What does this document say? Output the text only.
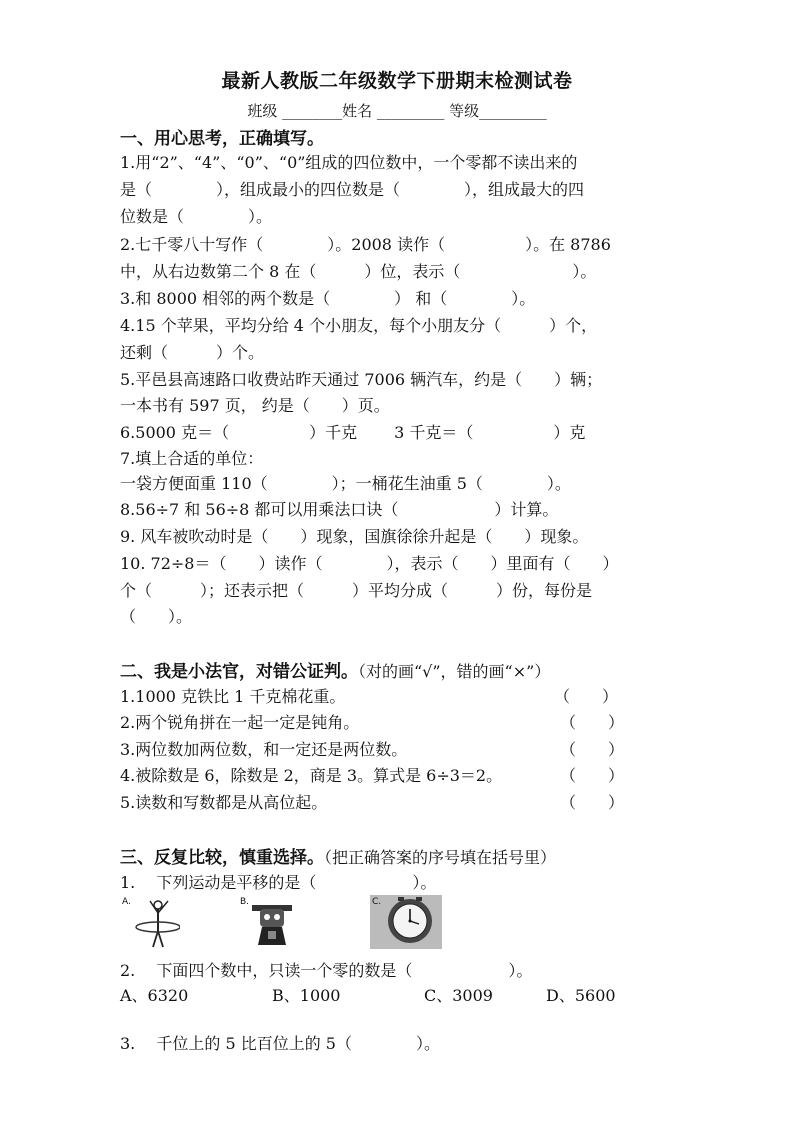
最新人教版二年级数学下册期末检测试卷
班级 ________姓名 _________ 等级_________
一、用心思考，正确填写。
1.用“2”、“4”、“0”、“0”组成的四位数中，一个零都不读出来的
是（　　　　），组成最小的四位数是（　　　　），组成最大的四
位数是（　　　　）。
2.七千零八十写作（　　　　）。2008 读作（　　　　　）。在 8786
中，从右边数第二个 8 在（　　　）位，表示（　　　　　　　）。
3.和 8000 相邻的两个数是（　　　　） 和（　　　　）。
4.15 个苹果，平均分给 4 个小朋友，每个小朋友分（　　　）个，
还剩（　　　）个。
5.平邑县高速路口收费站昨天通过 7006 辆汽车，约是（　　）辆；
一本书有 597 页， 约是（　　）页。
6.5000 克＝（　　　　　）千克　　 3 千克＝（　　　　　）克
7.填上合适的单位：
一袋方便面重 110（　　　　）；一桶花生油重 5（　　　　）。
8.56÷7 和 56÷8 都可以用乘法口诀（　　　　　　）计算。
9. 风车被吹动时是（　　）现象，国旗徐徐升起是（　　）现象。
10. 72÷8＝（　　）读作（　　　　），表示（　　）里面有（　　）
个（　　　）；还表示把（　　　）平均分成（　　　）份，每份是
（　　）。
二、我是小法官，对错公证判。（对的画“√”，错的画“×”）
1.1000 克铁比 1 千克棉花重。	（　　）
2.两个锐角拼在一起一定是钝角。	（　　）
3.两位数加两位数，和一定还是两位数。	（　　）
4.被除数是 6，除数是 2，商是 3。算式是 6÷3＝2。	（　　）
5.读数和写数都是从高位起。	（　　）
三、反复比较，慎重选择。（把正确答案的序号填在括号里）
1.　 下列运动是平移的是（　　　　　　）。
A.	B.	C.
2.　 下面四个数中，只读一个零的数是（　　　　　　）。
A、6320	B、1000	C、3009	D、5600
3.　 千位上的 5 比百位上的 5（　　　　）。
